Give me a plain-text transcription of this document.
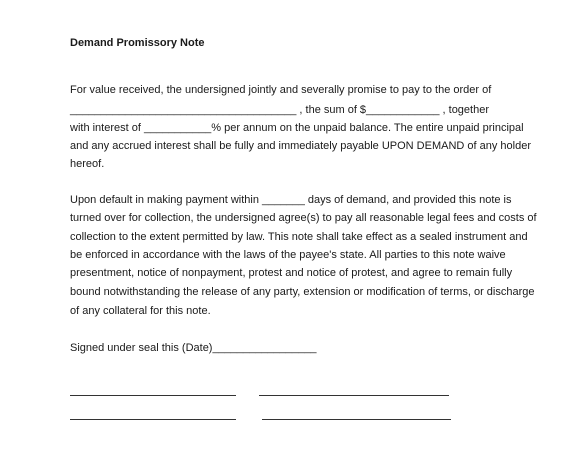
Demand Promissory Note
For value received, the undersigned jointly and severally promise to pay to the order of
_____________________________________ , the sum of $____________ , together
with interest of ___________% per annum on the unpaid balance. The entire unpaid principal
and any accrued interest shall be fully and immediately payable UPON DEMAND of any holder
hereof.
Upon default in making payment within _______ days of demand, and provided this note is
turned over for collection, the undersigned agree(s) to pay all reasonable legal fees and costs of
collection to the extent permitted by law. This note shall take effect as a sealed instrument and
be enforced in accordance with the laws of the payee's state. All parties to this note waive
presentment, notice of nonpayment, protest and notice of protest, and agree to remain fully
bound notwithstanding the release of any party, extension or modification of terms, or discharge
of any collateral for this note.
Signed under seal this (Date)_________________
